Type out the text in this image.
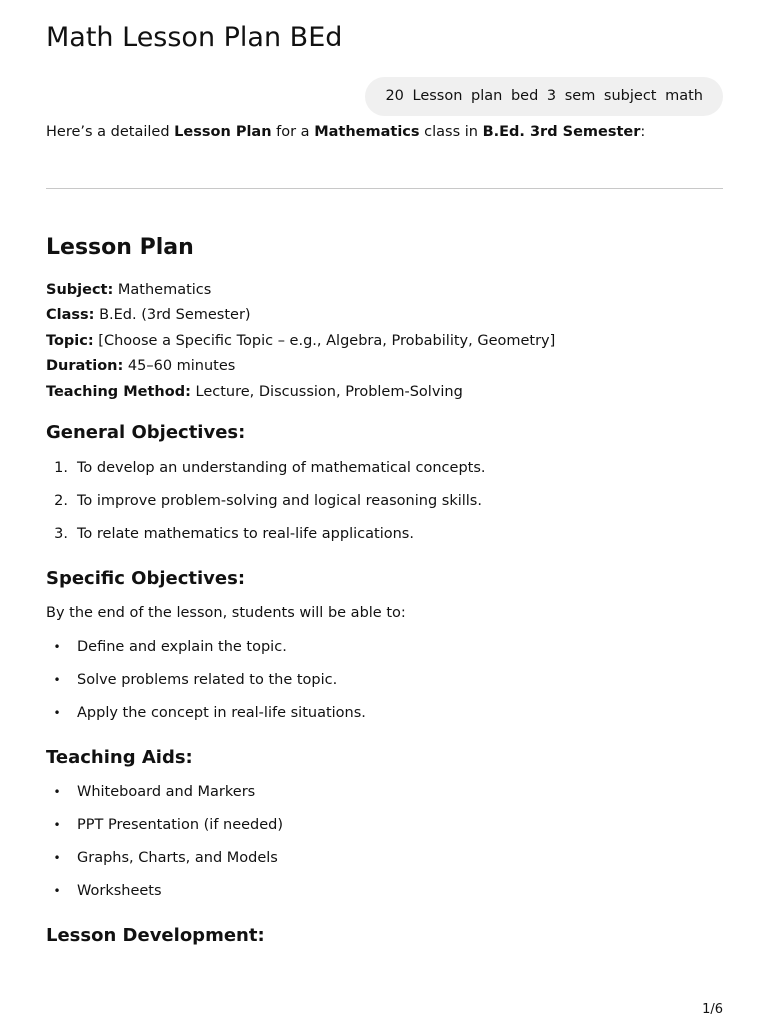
Math Lesson Plan BEd
20 Lesson plan bed 3 sem subject math

Here’s a detailed Lesson Plan for a Mathematics class in B.Ed. 3rd Semester:

Lesson Plan
Subject: Mathematics
Class: B.Ed. (3rd Semester)
Topic: [Choose a Specific Topic – e.g., Algebra, Probability, Geometry]
Duration: 45–60 minutes
Teaching Method: Lecture, Discussion, Problem-Solving
General Objectives:
1. To develop an understanding of mathematical concepts.
2. To improve problem-solving and logical reasoning skills.
3. To relate mathematics to real-life applications.
Specific Objectives:

By the end of the lesson, students will be able to:

• Define and explain the topic.
• Solve problems related to the topic.
• Apply the concept in real-life situations.
Teaching Aids:
• Whiteboard and Markers
• PPT Presentation (if needed)
• Graphs, Charts, and Models
• Worksheets
Lesson Development:
1/6
